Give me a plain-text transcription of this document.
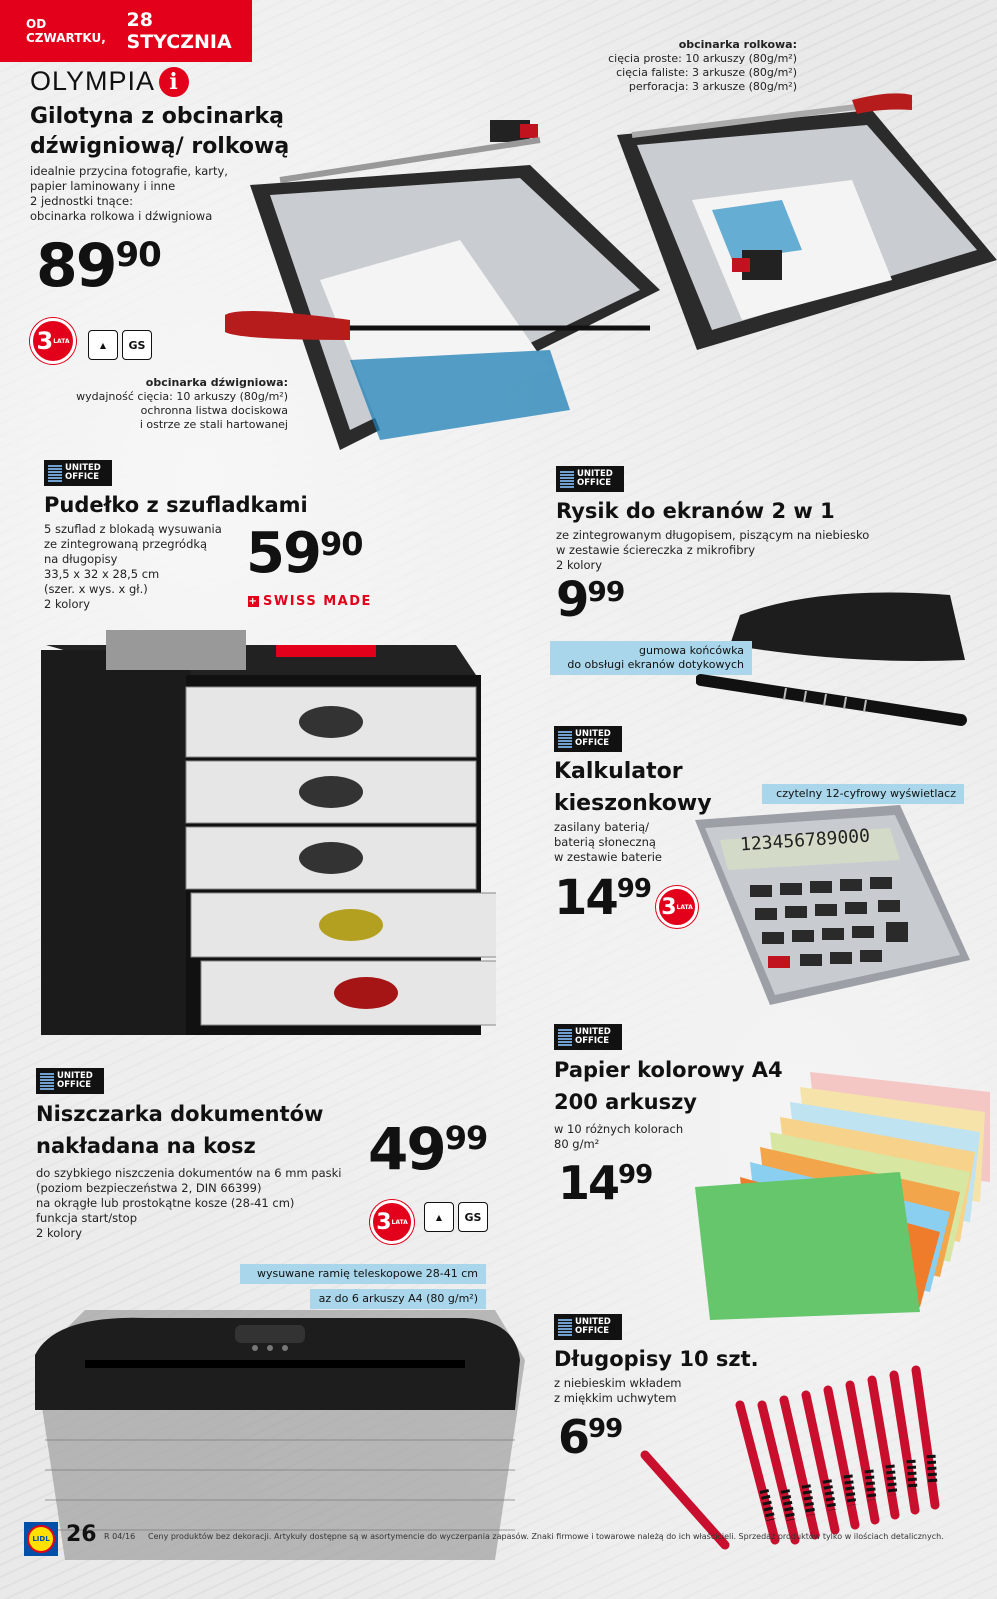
OD CZWARTKU,
28 STYCZNIA
OLYMPIA i
Gilotyna z obcinarką
dźwigniową/ rolkową
idealnie przycina fotografie, karty,
papier laminowany i inne
2 jednostki tnące:
obcinarka rolkowa i dźwigniowa
89 90
3 LATA	▲	GS
obcinarka rolkowa:
cięcia proste: 10 arkuszy (80g/m²)
cięcia faliste: 3 arkusze (80g/m²)
perforacja: 3 arkusze (80g/m²)
obcinarka dźwigniowa:
wydajność cięcia: 10 arkuszy (80g/m²)
ochronna listwa dociskowa
i ostrze ze stali hartowanej
UNITED
OFFICE
Pudełko z szufladkami
5 szuflad z blokadą wysuwania
ze zintegrowaną przegródką
na długopisy
33,5 x 32 x 28,5 cm
(szer. x wys. x gł.)
2 kolory
59 90
+ SWISS MADE
UNITED
OFFICE
Rysik do ekranów 2 w 1
ze zintegrowanym długopisem, piszącym na niebiesko
w zestawie ściereczka z mikrofibry
2 kolory
9 99
gumowa końcówka
do obsługi ekranów dotykowych
UNITED
OFFICE
Kalkulator
kieszonkowy
zasilany baterią/
baterią słoneczną
w zestawie baterie
14 99
3 LATA
czytelny 12-cyfrowy wyświetlacz
123456789000
UNITED
OFFICE
Papier kolorowy A4
200 arkuszy
w 10 różnych kolorach
80 g/m²
14 99
UNITED
OFFICE
Niszczarka dokumentów
nakładana na kosz
do szybkiego niszczenia dokumentów na 6 mm paski
(poziom bezpieczeństwa 2, DIN 66399)
na okrągłe lub prostokątne kosze (28-41 cm)
funkcja start/stop
2 kolory
49 99
3 LATA
▲	GS
wysuwane ramię teleskopowe 28-41 cm
az do 6 arkuszy A4 (80 g/m²)
UNITED
OFFICE
Długopisy 10 szt.
z niebieskim wkładem
z miękkim uchwytem
6 99
LIDL 26 R 04/16 Ceny produktów bez dekoracji. Artykuły dostępne są w asortymencie do wyczerpania zapasów. Znaki firmowe i towarowe należą do ich właścicieli. Sprzedaż produktów tylko w ilościach detalicznych.
